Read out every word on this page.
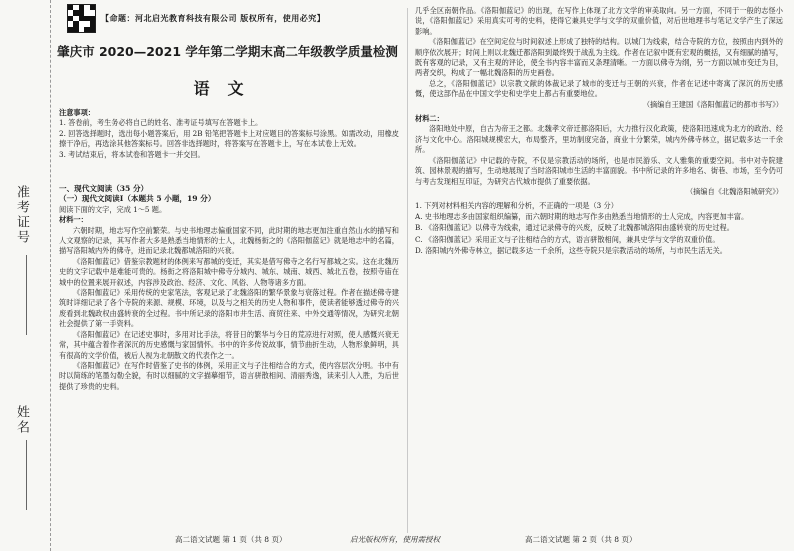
准考证号
姓名
【命题：河北启光教育科技有限公司 版权所有，使用必究】
肇庆市 2020—2021 学年第二学期末高二年级教学质量检测
语文
注意事项：
1. 答卷前，考生务必将自己的姓名、准考证号填写在答题卡上。
2. 回答选择题时，选出每小题答案后，用 2B 铅笔把答题卡上对应题目的答案标号涂黑。如需改动，用橡皮擦干净后，再选涂其他答案标号。回答非选择题时，将答案写在答题卡上，写在本试卷上无效。
3. 考试结束后，将本试卷和答题卡一并交回。
一、现代文阅读（35 分）
（一）现代文阅读Ⅰ（本题共 5 小题，19 分）
阅读下面的文字，完成 1～5 题。
材料一：
六朝时期，地志写作空前繁荣。与史书地理志偏重国家不同，此时期的地志更加注重自然山水的描写和人文观察的记录，其写作者大多是熟悉当地情形的士人，北魏杨衒之的《洛阳伽蓝记》就是地志中的名篇，描写洛阳城内外的佛寺，进而记录北魏都城洛阳的兴衰。
《洛阳伽蓝记》借鉴宗教题材的体例来写都城的变迁，其实是借写佛寺之名行写都城之实。这在北魏历史的文字记载中是难能可贵的。杨衒之将洛阳城中佛寺分城内、城东、城南、城西、城北五卷，按照寺庙在城中的位置来展开叙述，内容涉及政治、经济、文化、风俗、人物等诸多方面。
《洛阳伽蓝记》采用传统的史家笔法，客观记录了北魏洛阳的繁华景象与衰落过程。作者在描述佛寺建筑时详细记录了各个寺院的来源、规模、环境，以及与之相关的历史人物和事件，使读者能够透过佛寺的兴废看到北魏政权由盛转衰的全过程。书中所记录的洛阳市井生活、商贸往来、中外交通等情况，为研究北朝社会提供了第一手资料。
《洛阳伽蓝记》在记述史事时，多用对比手法，将昔日的繁华与今日的荒凉进行对照，使人感慨兴衰无常，其中蕴含着作者深沉的历史感慨与家国情怀。书中的许多传说故事，情节曲折生动，人物形象鲜明，具有很高的文学价值，被后人视为北朝散文的代表作之一。
《洛阳伽蓝记》在写作时借鉴了史书的体例，采用正文与子注相结合的方式，使内容层次分明。书中有时以简练的笔墨勾勒全貌，有时以细腻的文字描摹细节，语言骈散相间、清丽秀逸，读来引人入胜，为后世提供了珍贵的史料。
高二语文试题 第 1 页（共 8 页）
几乎全区南朝作品。《洛阳伽蓝记》的出现，在写作上体现了北方文学的审美取向。另一方面，不同于一般的志怪小说，《洛阳伽蓝记》采用真实可考的史料，使得它兼具史学与文学的双重价值，对后世地理书与笔记文学产生了深远影响。
《洛阳伽蓝记》在空间定位与时间叙述上形成了独特的结构。以城门为线索，结合寺院的方位，按照由内到外的顺序依次展开；时间上则以北魏迁都洛阳到最终毁于战乱为主线。作者在记叙中既有宏观的概括，又有细腻的描写，既有客观的记录，又有主观的评论，使全书内容丰富而又条理清晰。一方面以佛寺为纲，另一方面以城市变迁为目，两者交织，构成了一幅北魏洛阳的历史画卷。
总之，《洛阳伽蓝记》以宗教文献的体裁记录了城市的变迁与王朝的兴衰，作者在记述中寄寓了深沉的历史感慨，使这部作品在中国文学史和史学史上都占有重要地位。
（摘编自王建国《洛阳伽蓝记的都市书写》）
材料二：
洛阳地处中原，自古为帝王之都。北魏孝文帝迁都洛阳后，大力推行汉化政策，使洛阳迅速成为北方的政治、经济与文化中心。洛阳城规模宏大，布局整齐，里坊制度完备，商业十分繁荣，城内外佛寺林立，据记载多达一千余所。
《洛阳伽蓝记》中记载的寺院，不仅是宗教活动的场所，也是市民游乐、文人雅集的重要空间。书中对寺院建筑、园林景观的描写，生动地展现了当时洛阳城市生活的丰富面貌。书中所记录的许多地名、街巷、市场，至今仍可与考古发现相互印证，为研究古代城市提供了重要依据。
（摘编自《北魏洛阳城研究》）
1. 下列对材料相关内容的理解和分析，不正确的一项是（3 分）
A. 史书地理志多由国家组织编纂，而六朝时期的地志写作多由熟悉当地情形的士人完成，内容更加丰富。
B. 《洛阳伽蓝记》以佛寺为线索，通过记录佛寺的兴废，反映了北魏都城洛阳由盛转衰的历史过程。
C. 《洛阳伽蓝记》采用正文与子注相结合的方式，语言骈散相间，兼具史学与文学的双重价值。
D. 洛阳城内外佛寺林立，据记载多达一千余所，这些寺院只是宗教活动的场所，与市民生活无关。
高二语文试题 第 2 页（共 8 页）
启光版权所有，使用需授权
